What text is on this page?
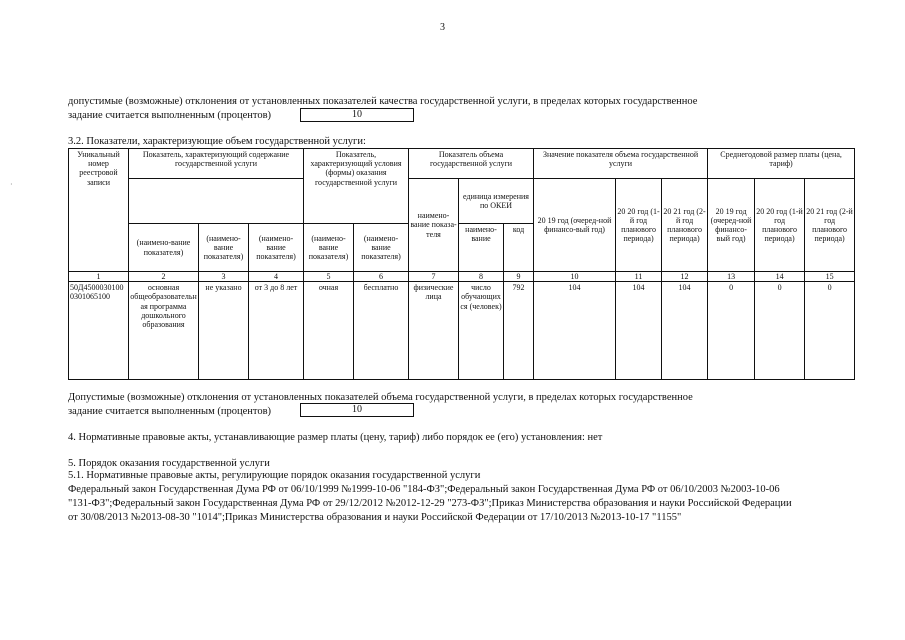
3
·
допустимые (возможные) отклонения от установленных показателей качества государственной услуги, в пределах которых государственное
задание считается выполненным (процентов)	10
3.2. Показатели, характеризующие объем государственной услуги:
Уникальный номер реестровой записи	Показатель, характеризующий содержание государственной услуги			Показатель, характеризующий условия (формы) оказания государственной услуги		Показатель объема государственной услуги			Значение показателя объема государственной услуги			Среднегодовой размер платы (цена, тариф)		
						наимено-вание показа-теля	единица измерения по ОКЕИ		20 19 год (очеред-ной финансо-вый год)	20 20 год (1-й год планового периода)	20 21 год (2-й год планового периода)	20 19 год (очеред-ной финансо-вый год)	20 20 год (1-й год планового периода)	20 21 год (2-й год планового периода)
	(наимено-вание показателя)	(наимено-вание показателя)	(наимено-вание показателя)	(наимено-вание показателя)	(наимено-вание показателя)		наимено-вание	код						
1	2	3	4	5	6	7	8	9	10	11	12	13	14	15
50Д45000301000301065100	основная общеобразовательная программа дошкольного образования	не указано	от 3 до 8 лет	очная	бесплатно	физические лица	число обучающихся (человек)	792	104	104	104	0	0	0
Допустимые (возможные) отклонения от установленных показателей объема государственной услуги, в пределах которых государственное
задание считается выполненным (процентов)	10
4. Нормативные правовые акты, устанавливающие размер платы (цену, тариф) либо порядок ее (его) установления: нет
5. Порядок оказания государственной услуги
5.1. Нормативные правовые акты, регулирующие порядок оказания государственной услуги
Федеральный закон Государственная Дума РФ от 06/10/1999 №1999-10-06 "184-ФЗ";Федеральный закон Государственная Дума РФ от 06/10/2003 №2003-10-06
"131-ФЗ";Федеральный закон Государственная Дума РФ от 29/12/2012 №2012-12-29 "273-ФЗ";Приказ Министерства образования и науки Российской Федерации
от 30/08/2013 №2013-08-30 "1014";Приказ Министерства образования и науки Российской Федерации от 17/10/2013 №2013-10-17 "1155"
